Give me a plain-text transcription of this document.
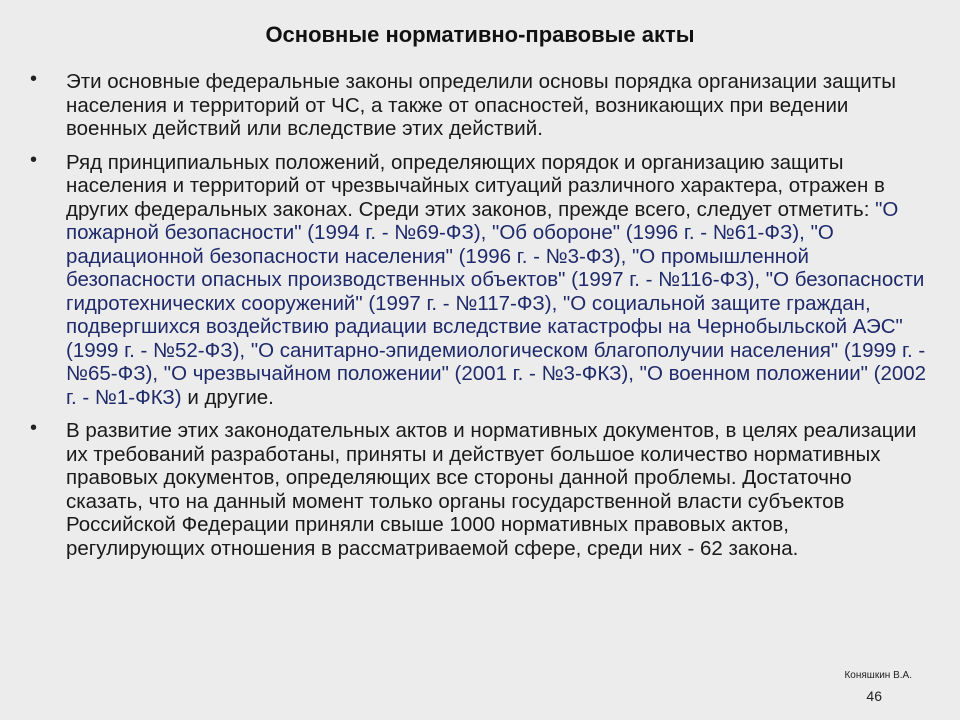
Основные нормативно-правовые акты
• Эти основные федеральные законы определили основы порядка организации защиты населения и территорий от ЧС, а также от опасностей, возникающих при ведении военных действий или вследствие этих действий.
• Ряд принципиальных положений, определяющих порядок и организацию защиты населения и территорий от чрезвычайных ситуаций различного характера, отражен в других федеральных законах. Среди этих законов, прежде всего, следует отметить: "О пожарной безопасности" (1994 г. - №69-ФЗ), "Об обороне" (1996 г. - №61-ФЗ), "О радиационной безопасности населения" (1996 г. - №3-ФЗ), "О промышленной безопасности опасных производственных объектов" (1997 г. - №116-ФЗ), "О безопасности гидротехнических сооружений" (1997 г. - №117-ФЗ), "О социальной защите граждан, подвергшихся воздействию радиации вследствие катастрофы на Чернобыльской АЭС" (1999 г. - №52-ФЗ), "О санитарно-эпидемиологическом благополучии населения" (1999 г. - №65-ФЗ), "О чрезвычайном положении" (2001 г. - №3-ФКЗ), "О военном положении" (2002 г. - №1-ФКЗ) и другие.
• В развитие этих законодательных актов и нормативных документов, в целях реализации их требований разработаны, приняты и действует большое количество нормативных правовых документов, определяющих все стороны данной проблемы. Достаточно сказать, что на данный момент только органы государственной власти субъектов Российской Федерации приняли свыше 1000 нормативных правовых актов, регулирующих отношения в рассматриваемой сфере, среди них - 62 закона.
Коняшкин В.А.
46
